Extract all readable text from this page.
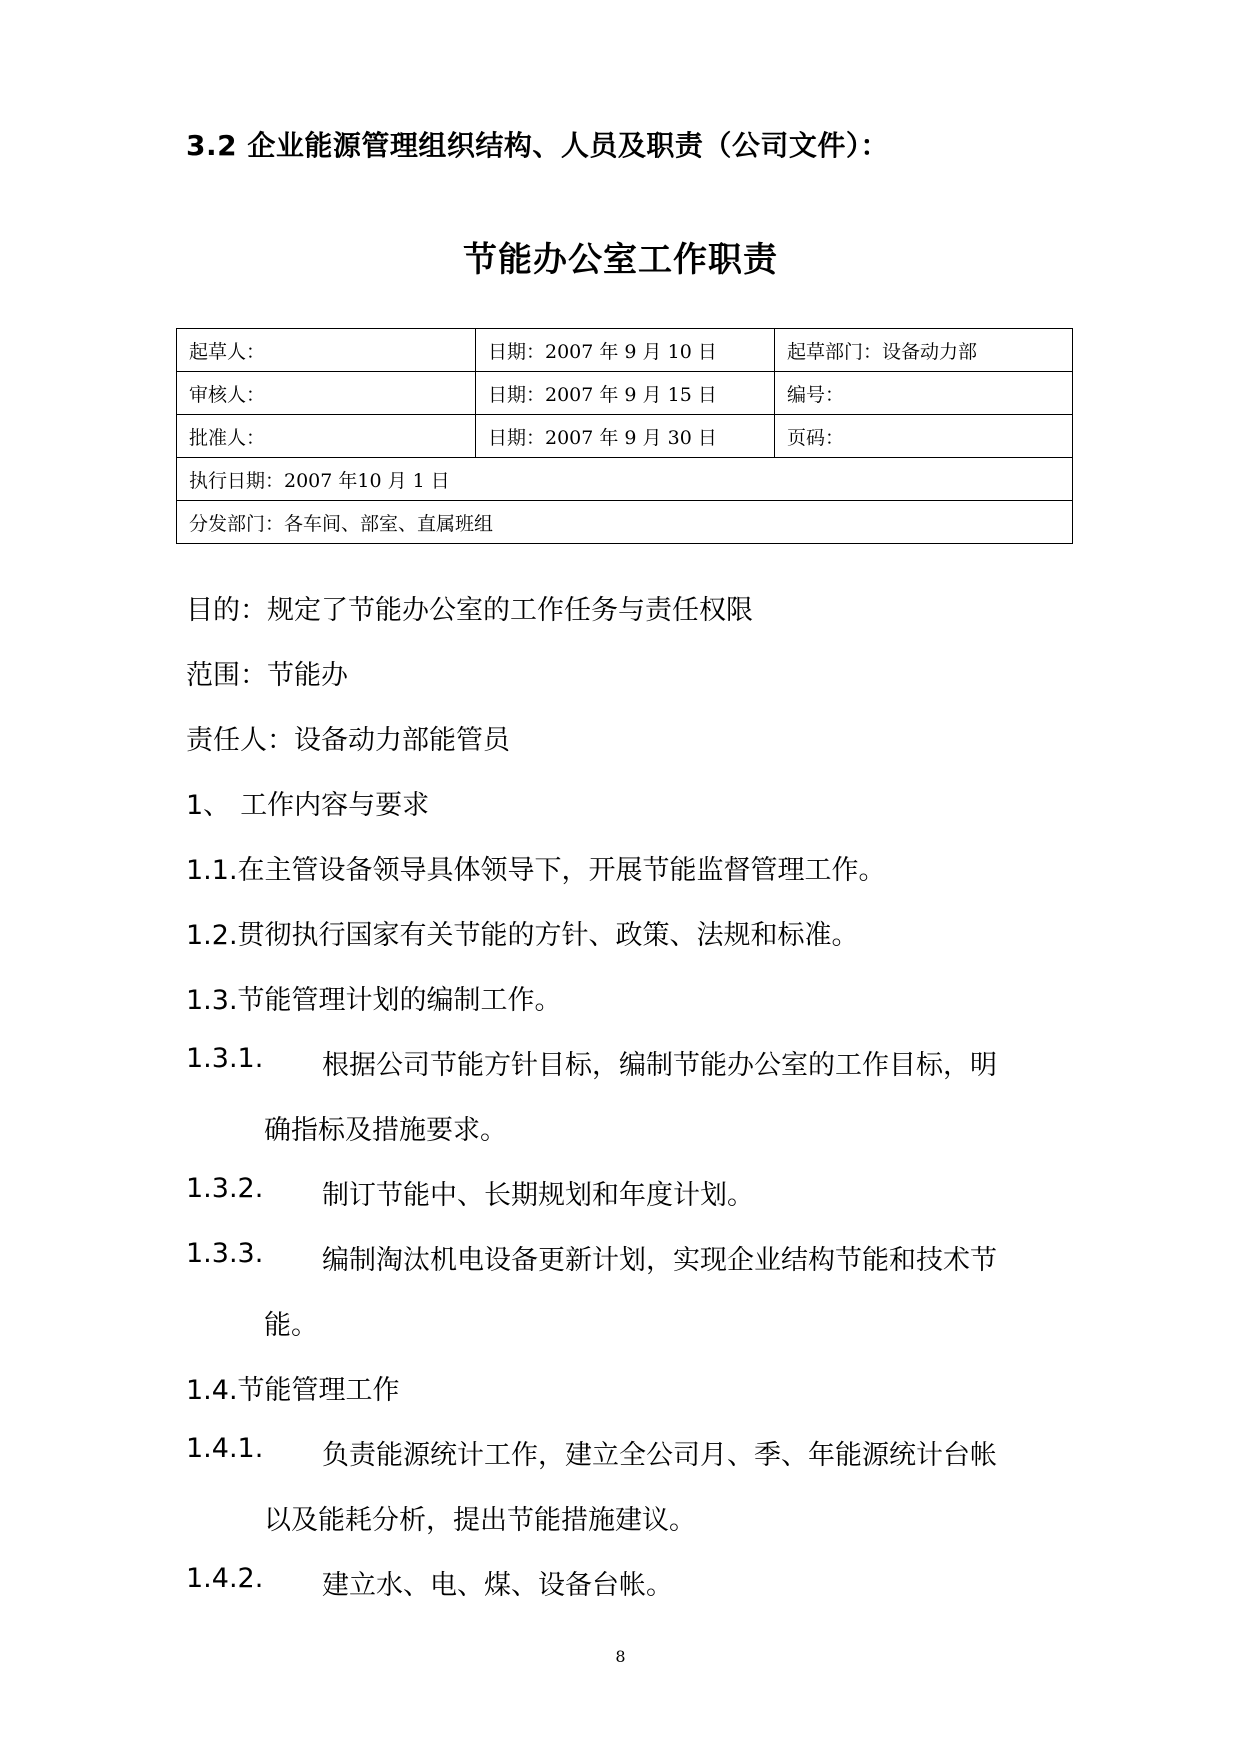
3.2 企业能源管理组织结构、人员及职责（公司文件）：
节能办公室工作职责
起草人：	日期：2007 年 9 月 10 日	起草部门：设备动力部
审核人：	日期：2007 年 9 月 15 日	编号：
批准人：	日期：2007 年 9 月 30 日	页码：
执行日期：2007 年10 月 1 日		
分发部门：各车间、部室、直属班组		
目的：规定了节能办公室的工作任务与责任权限
范围：节能办
责任人：设备动力部能管员
1、 工作内容与要求
1.1.在主管设备领导具体领导下，开展节能监督管理工作。
1.2.贯彻执行国家有关节能的方针、政策、法规和标准。
1.3.节能管理计划的编制工作。
1.3.1. 根据公司节能方针目标，编制节能办公室的工作目标，明
确指标及措施要求。
1.3.2. 制订节能中、长期规划和年度计划。
1.3.3. 编制淘汰机电设备更新计划，实现企业结构节能和技术节
能。
1.4.节能管理工作
1.4.1. 负责能源统计工作，建立全公司月、季、年能源统计台帐
以及能耗分析，提出节能措施建议。
1.4.2. 建立水、电、煤、设备台帐。
8
